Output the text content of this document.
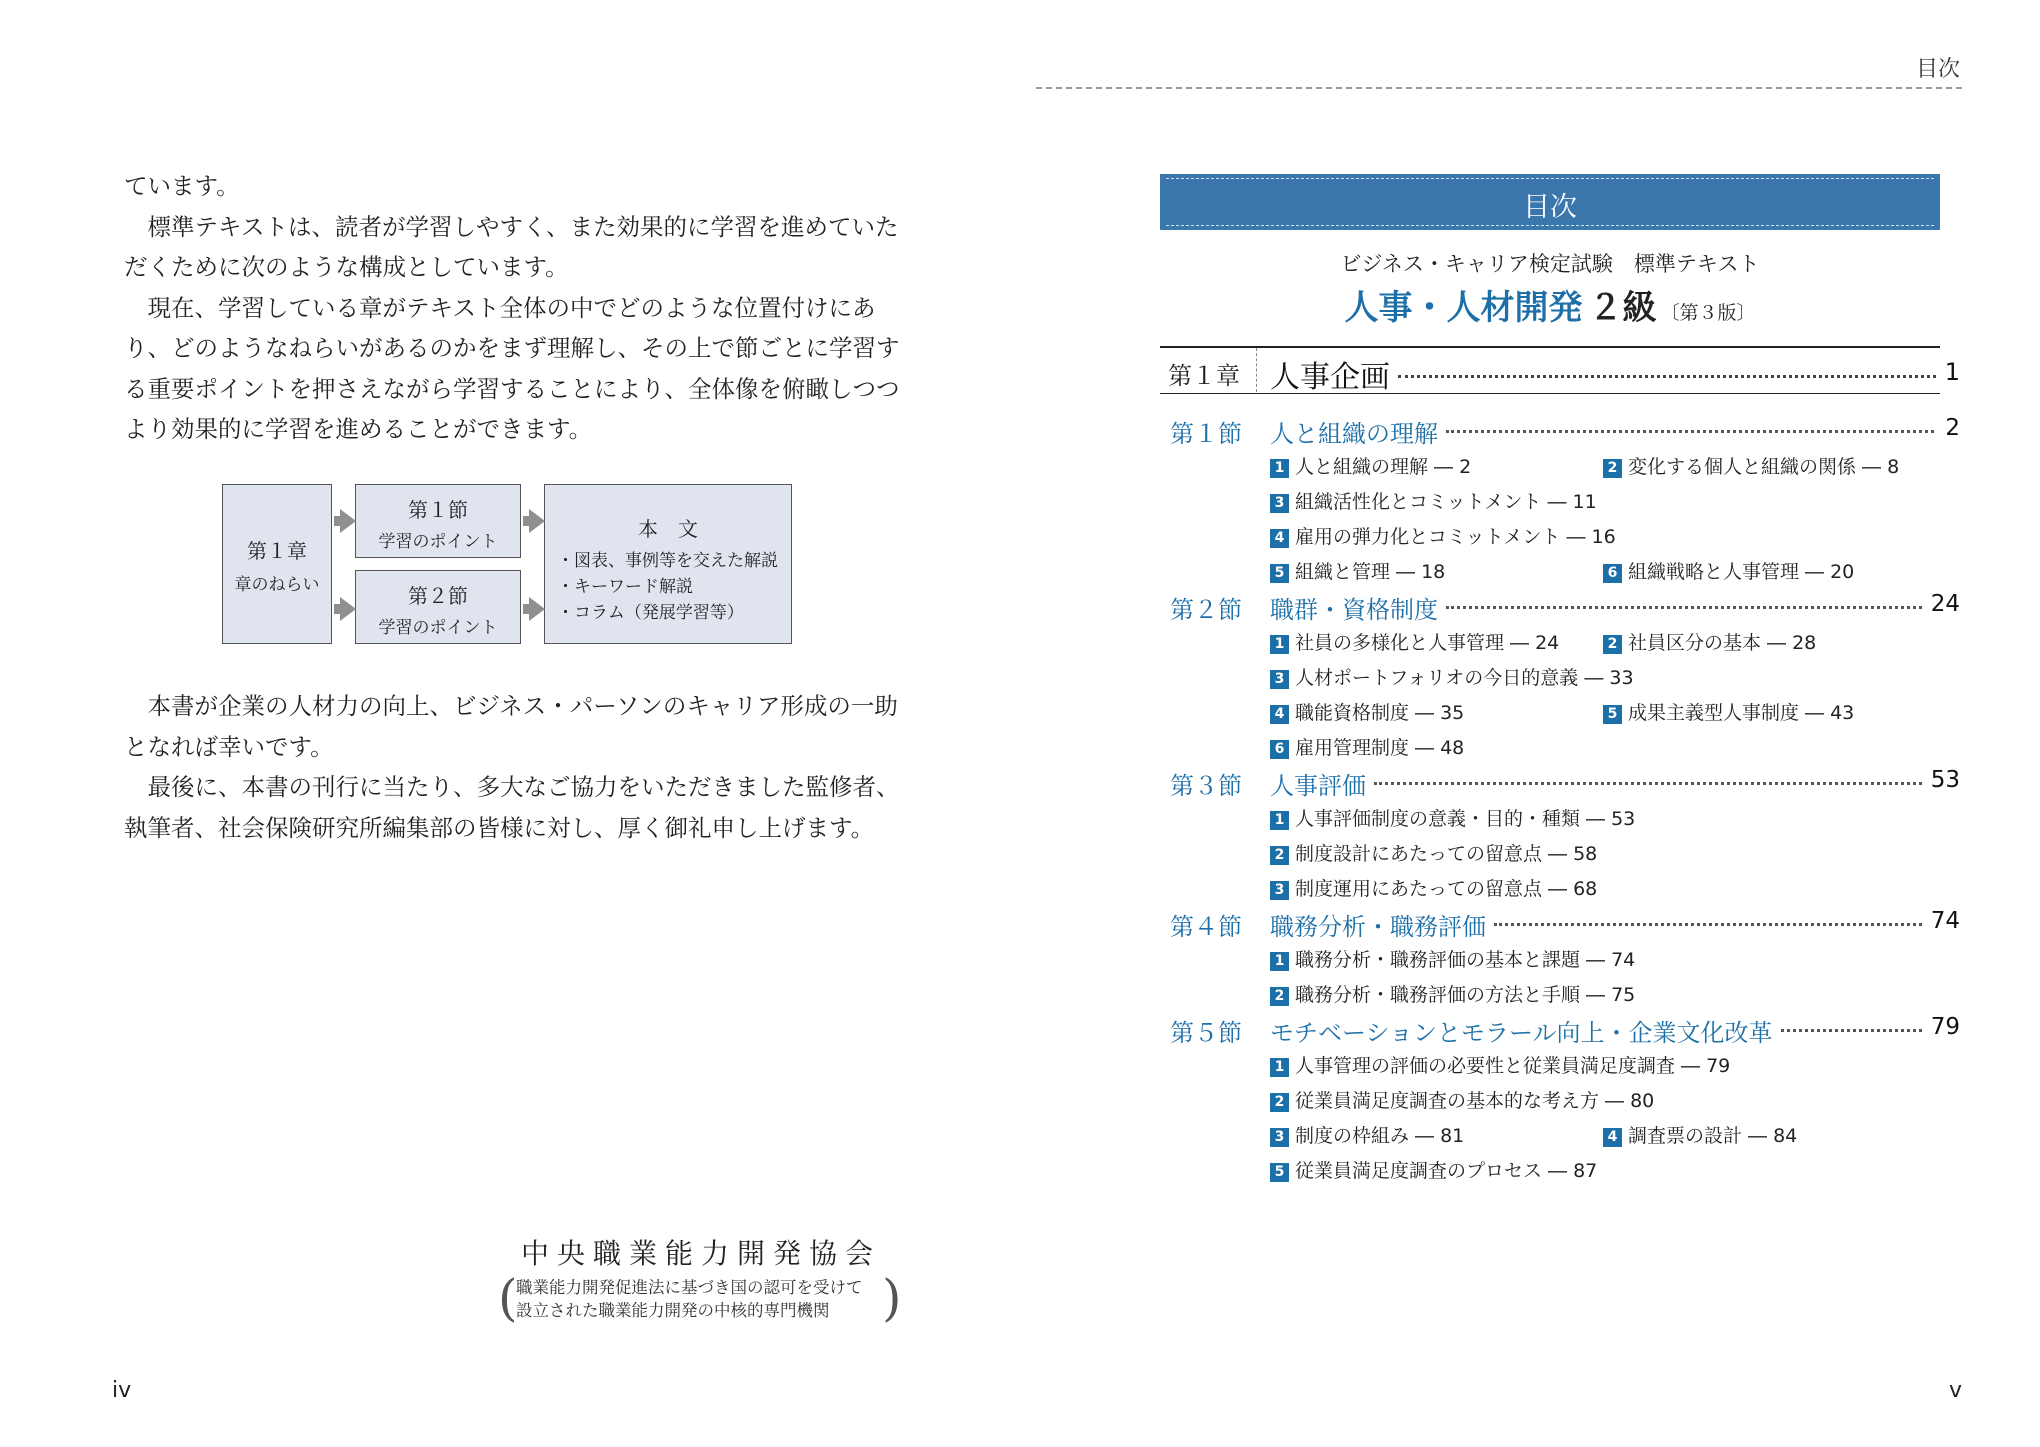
目次

ています。

標準テキストは、読者が学習しやすく、また効果的に学習を進めていただくために次のような構成としています。

現在、学習している章がテキスト全体の中でどのような位置付けにあり、どのようなねらいがあるのかをまず理解し、その上で節ごとに学習する重要ポイントを押さえながら学習することにより、全体像を俯瞰しつつより効果的に学習を進めることができます。

第１章
章のねらい
第１節
学習のポイント
第２節
学習のポイント
本　文
・図表、事例等を交えた解説
・キーワード解説
・コラム（発展学習等）

本書が企業の人材力の向上、ビジネス・パーソンのキャリア形成の一助となれば幸いです。

最後に、本書の刊行に当たり、多大なご協力をいただきました監修者、執筆者、社会保険研究所編集部の皆様に対し、厚く御礼申し上げます。

中央職業能力開発協会
(
職業能力開発促進法に基づき国の認可を受けて
設立された職業能力開発の中核的専門機関	)
iv	v
目次
ビジネス・キャリア検定試験　標準テキスト
人事・人材開発 ２級 〔第３版〕
第１章 人事企画	1
第１節 人と組織の理解	2
1 人と組織の理解 ― 2	2 変化する個人と組織の関係 ― 8
3 組織活性化とコミットメント ― 11
4 雇用の弾力化とコミットメント ― 16
5 組織と管理 ― 18	6 組織戦略と人事管理 ― 20
第２節 職群・資格制度	24
1 社員の多様化と人事管理 ― 24	2 社員区分の基本 ― 28
3 人材ポートフォリオの今日的意義 ― 33
4 職能資格制度 ― 35	5 成果主義型人事制度 ― 43
6 雇用管理制度 ― 48
第３節 人事評価	53
1 人事評価制度の意義・目的・種類 ― 53
2 制度設計にあたっての留意点 ― 58
3 制度運用にあたっての留意点 ― 68
第４節 職務分析・職務評価	74
1 職務分析・職務評価の基本と課題 ― 74
2 職務分析・職務評価の方法と手順 ― 75
第５節 モチベーションとモラール向上・企業文化改革	79
1 人事管理の評価の必要性と従業員満足度調査 ― 79
2 従業員満足度調査の基本的な考え方 ― 80
3 制度の枠組み ― 81	4 調査票の設計 ― 84
5 従業員満足度調査のプロセス ― 87
